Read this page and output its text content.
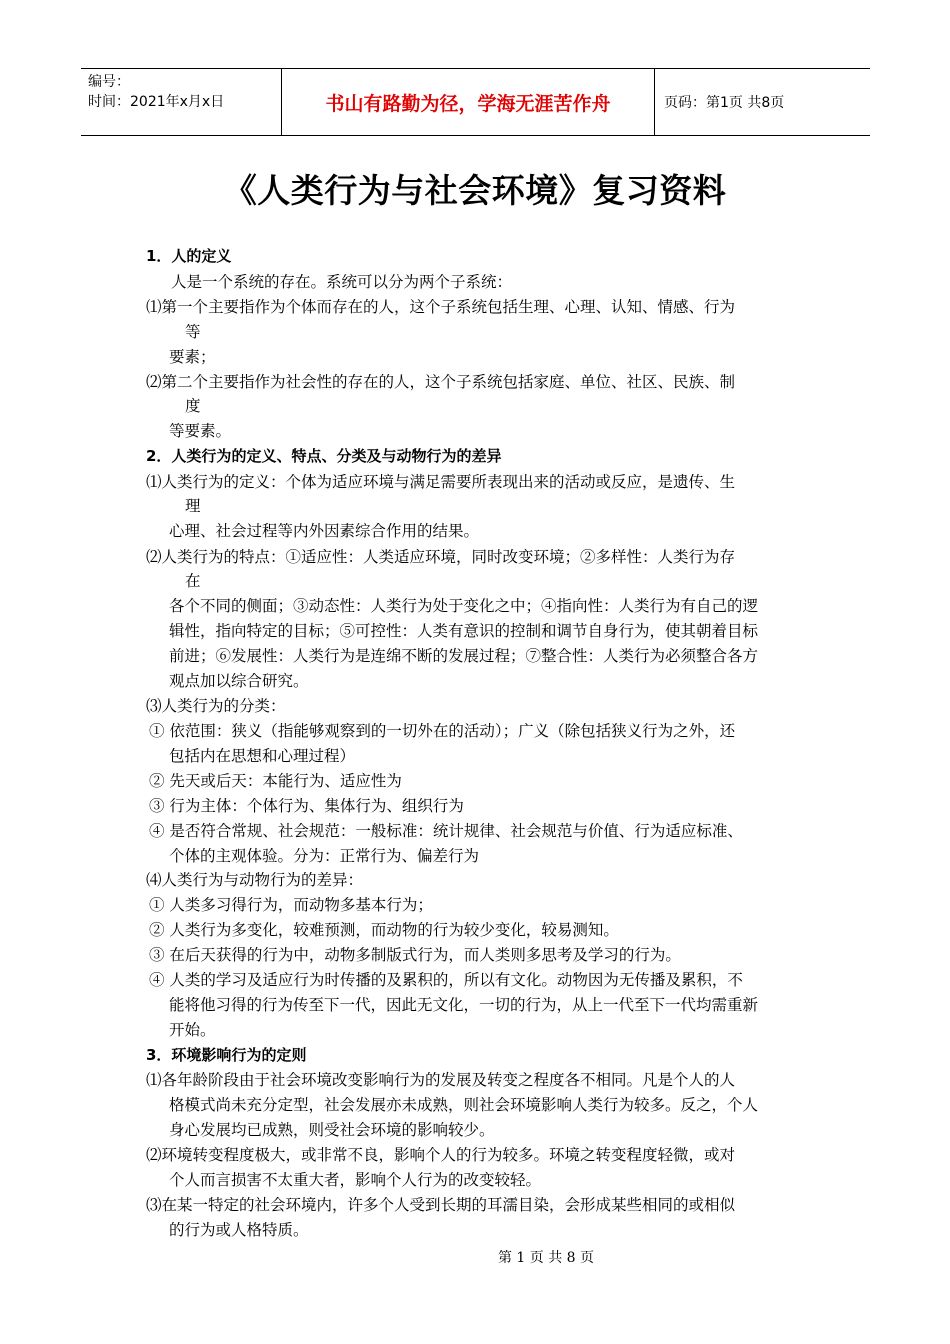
编号：
时间：2021年x月x日	书山有路勤为径，学海无涯苦作舟	页码：第1页 共8页
《人类行为与社会环境》复习资料
1．人的定义
人是一个系统的存在。系统可以分为两个子系统：
⑴第一个主要指作为个体而存在的人，这个子系统包括生理、心理、认知、情感、行为
等
要素；
⑵第二个主要指作为社会性的存在的人，这个子系统包括家庭、单位、社区、民族、制
度
等要素。
2．人类行为的定义、特点、分类及与动物行为的差异
⑴人类行为的定义：个体为适应环境与满足需要所表现出来的活动或反应，是遗传、生
理
心理、社会过程等内外因素综合作用的结果。
⑵人类行为的特点：①适应性：人类适应环境，同时改变环境；②多样性：人类行为存
在
各个不同的侧面；③动态性：人类行为处于变化之中；④指向性：人类行为有自己的逻
辑性，指向特定的目标；⑤可控性：人类有意识的控制和调节自身行为，使其朝着目标
前进；⑥发展性：人类行为是连绵不断的发展过程；⑦整合性：人类行为必须整合各方
观点加以综合研究。
⑶人类行为的分类：
① 依范围：狭义（指能够观察到的一切外在的活动）；广义（除包括狭义行为之外，还
包括内在思想和心理过程）
② 先天或后天：本能行为、适应性为
③ 行为主体：个体行为、集体行为、组织行为
④ 是否符合常规、社会规范：一般标准：统计规律、社会规范与价值、行为适应标准、
个体的主观体验。分为：正常行为、偏差行为
⑷人类行为与动物行为的差异：
① 人类多习得行为，而动物多基本行为；
② 人类行为多变化，较难预测，而动物的行为较少变化，较易测知。
③ 在后天获得的行为中，动物多制版式行为，而人类则多思考及学习的行为。
④ 人类的学习及适应行为时传播的及累积的，所以有文化。动物因为无传播及累积，不
能将他习得的行为传至下一代，因此无文化，一切的行为，从上一代至下一代均需重新
开始。
3．环境影响行为的定则
⑴各年龄阶段由于社会环境改变影响行为的发展及转变之程度各不相同。凡是个人的人
格模式尚未充分定型，社会发展亦未成熟，则社会环境影响人类行为较多。反之，个人
身心发展均已成熟，则受社会环境的影响较少。
⑵环境转变程度极大，或非常不良，影响个人的行为较多。环境之转变程度轻微，或对
个人而言损害不太重大者，影响个人行为的改变较轻。
⑶在某一特定的社会环境内，许多个人受到长期的耳濡目染，会形成某些相同的或相似
的行为或人格特质。
第 1 页 共 8 页
